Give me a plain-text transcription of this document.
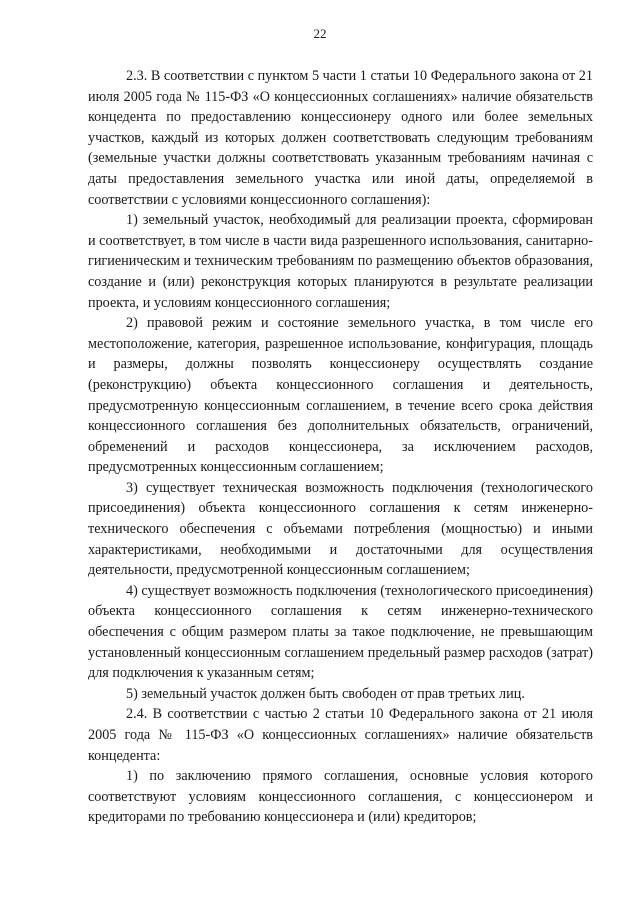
22

2.3. В соответствии с пунктом 5 части 1 статьи 10 Федерального закона от 21 июля 2005 года № 115-ФЗ «О концессионных соглашениях» наличие обязательств концедента по предоставлению концессионеру одного или более земельных участков, каждый из которых должен соответствовать следующим требованиям (земельные участки должны соответствовать указанным требованиям начиная с даты предоставления земельного участка или иной даты, определяемой в соответствии с условиями концессионного соглашения):

1) земельный участок, необходимый для реализации проекта, сформирован и соответствует, в том числе в части вида разрешенного использования, санитарно-гигиеническим и техническим требованиям по размещению объектов образования, создание и (или) реконструкция которых планируются в результате реализации проекта, и условиям концессионного соглашения;

2) правовой режим и состояние земельного участка, в том числе его местоположение, категория, разрешенное использование, конфигурация, площадь и размеры, должны позволять концессионеру осуществлять создание (реконструкцию) объекта концессионного соглашения и деятельность, предусмотренную концессионным соглашением, в течение всего срока действия концессионного соглашения без дополнительных обязательств, ограничений, обременений и расходов концессионера, за исключением расходов, предусмотренных концессионным соглашением;

3) существует техническая возможность подключения (технологического присоединения) объекта концессионного соглашения к сетям инженерно-технического обеспечения с объемами потребления (мощностью) и иными характеристиками, необходимыми и достаточными для осуществления деятельности, предусмотренной концессионным соглашением;

4) существует возможность подключения (технологического присоединения) объекта концессионного соглашения к сетям инженерно-технического обеспечения с общим размером платы за такое подключение, не превышающим установленный концессионным соглашением предельный размер расходов (затрат) для подключения к указанным сетям;

5) земельный участок должен быть свободен от прав третьих лиц.

2.4. В соответствии с частью 2 статьи 10 Федерального закона от 21 июля 2005 года № 115-ФЗ «О концессионных соглашениях» наличие обязательств концедента:

1) по заключению прямого соглашения, основные условия которого соответствуют условиям концессионного соглашения, с концессионером и кредиторами по требованию концессионера и (или) кредиторов;
